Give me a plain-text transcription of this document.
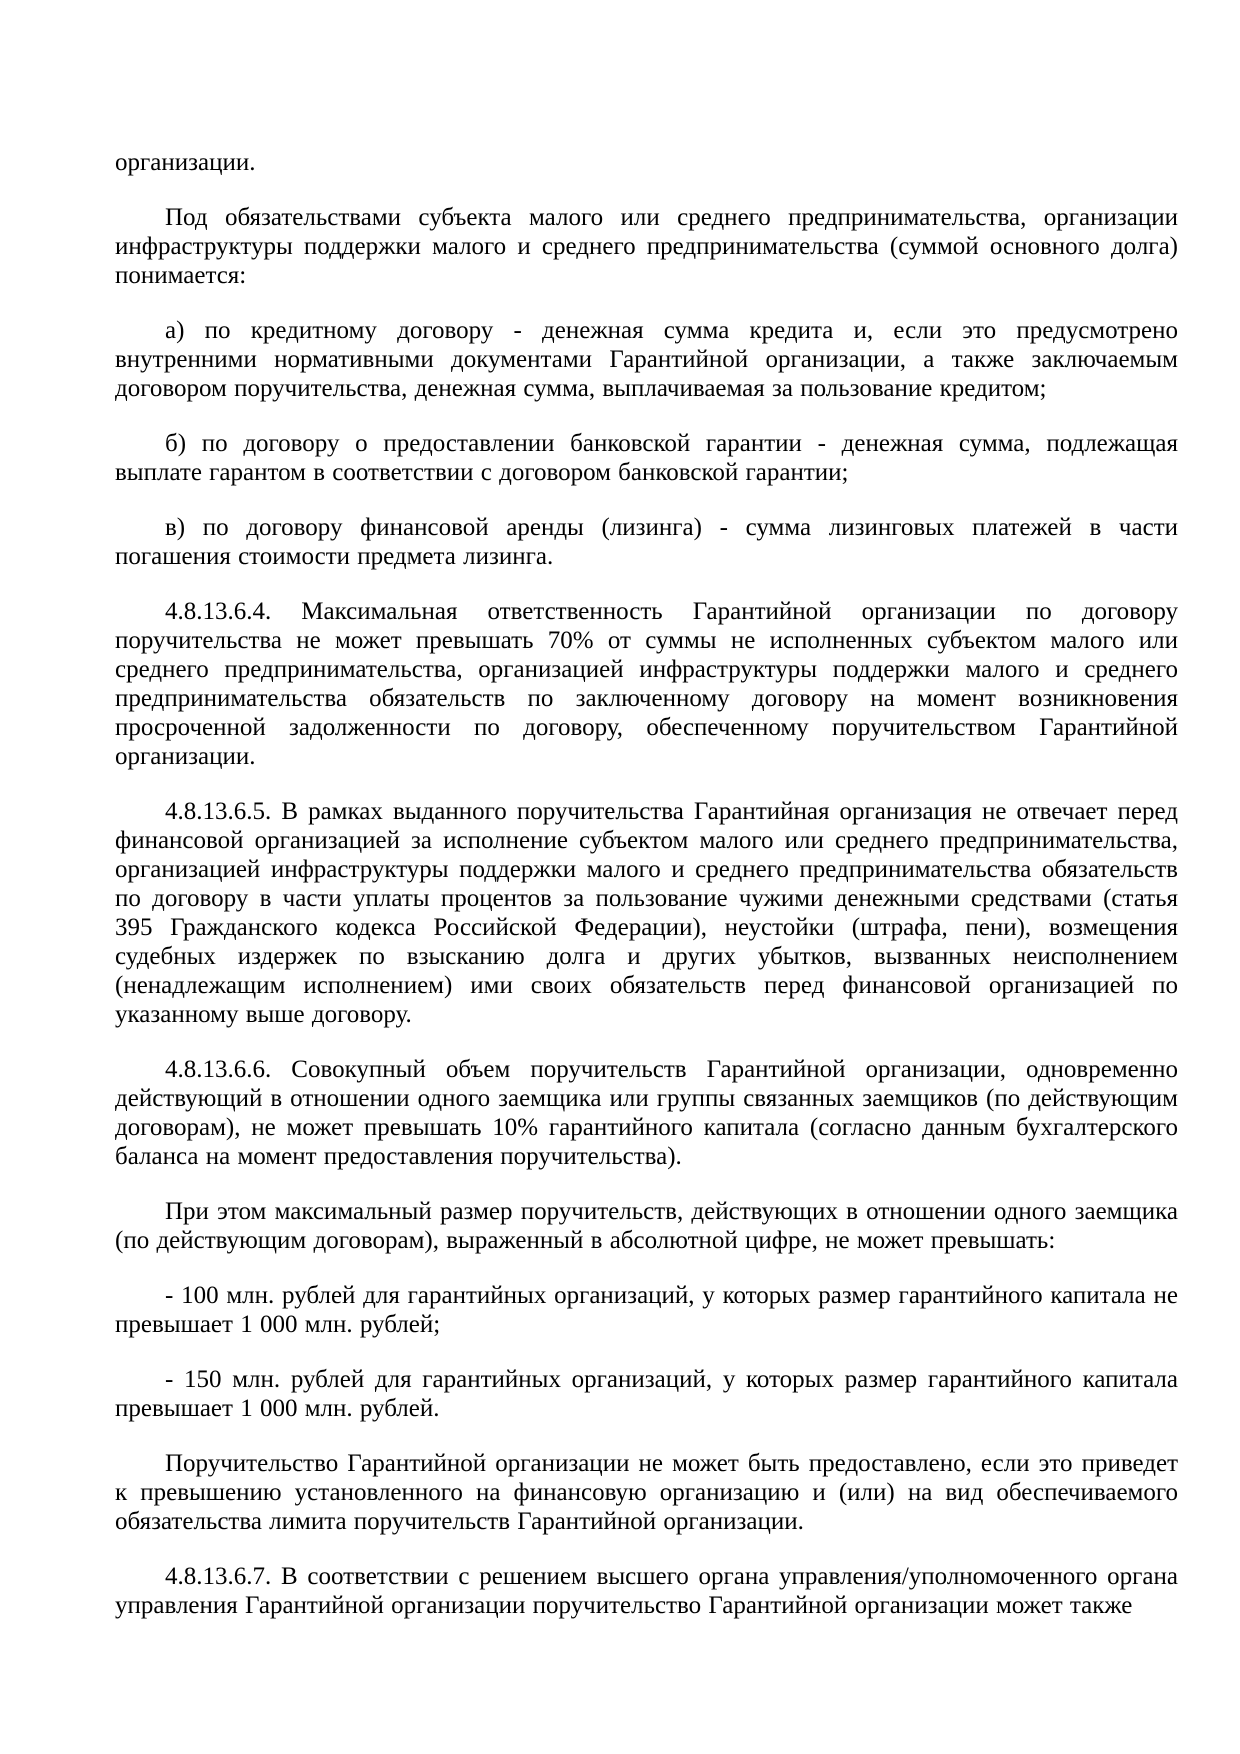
организации.

Под обязательствами субъекта малого или среднего предпринимательства, организации инфраструктуры поддержки малого и среднего предпринимательства (суммой основного долга) понимается:

а) по кредитному договору - денежная сумма кредита и, если это предусмотрено внутренними нормативными документами Гарантийной организации, а также заключаемым договором поручительства, денежная сумма, выплачиваемая за пользование кредитом;

б) по договору о предоставлении банковской гарантии - денежная сумма, подлежащая выплате гарантом в соответствии с договором банковской гарантии;

в) по договору финансовой аренды (лизинга) - сумма лизинговых платежей в части погашения стоимости предмета лизинга.

4.8.13.6.4. Максимальная ответственность Гарантийной организации по договору поручительства не может превышать 70% от суммы не исполненных субъектом малого или среднего предпринимательства, организацией инфраструктуры поддержки малого и среднего предпринимательства обязательств по заключенному договору на момент возникновения просроченной задолженности по договору, обеспеченному поручительством Гарантийной организации.

4.8.13.6.5. В рамках выданного поручительства Гарантийная организация не отвечает перед финансовой организацией за исполнение субъектом малого или среднего предпринимательства, организацией инфраструктуры поддержки малого и среднего предпринимательства обязательств по договору в части уплаты процентов за пользование чужими денежными средствами (статья 395 Гражданского кодекса Российской Федерации), неустойки (штрафа, пени), возмещения судебных издержек по взысканию долга и других убытков, вызванных неисполнением (ненадлежащим исполнением) ими своих обязательств перед финансовой организацией по указанному выше договору.

4.8.13.6.6. Совокупный объем поручительств Гарантийной организации, одновременно действующий в отношении одного заемщика или группы связанных заемщиков (по действующим договорам), не может превышать 10% гарантийного капитала (согласно данным бухгалтерского баланса на момент предоставления поручительства).

При этом максимальный размер поручительств, действующих в отношении одного заемщика (по действующим договорам), выраженный в абсолютной цифре, не может превышать:

- 100 млн. рублей для гарантийных организаций, у которых размер гарантийного капитала не превышает 1 000 млн. рублей;

- 150 млн. рублей для гарантийных организаций, у которых размер гарантийного капитала превышает 1 000 млн. рублей.

Поручительство Гарантийной организации не может быть предоставлено, если это приведет к превышению установленного на финансовую организацию и (или) на вид обеспечиваемого обязательства лимита поручительств Гарантийной организации.

4.8.13.6.7. В соответствии с решением высшего органа управления/уполномоченного органа управления Гарантийной организации поручительство Гарантийной организации может также
